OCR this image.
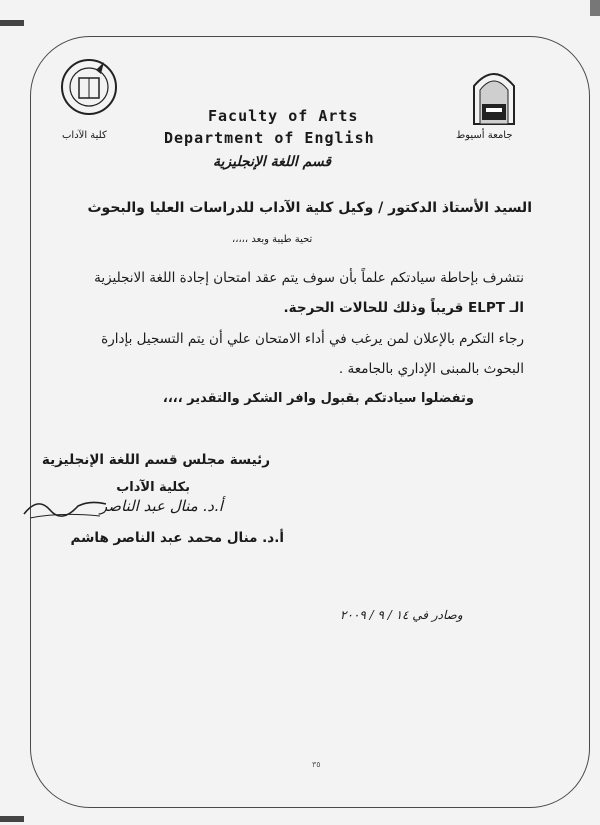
كلية الآداب	جامعة أسيوط
Faculty of Arts
Department of English
قسم اللغة الإنجليزية
السيد الأستاذ الدكتور / وكيل كلية الآداب للدراسات العليا والبحوث
تحية طيبة وبعد ،،،،،
نتشرف بإحاطة سيادتكم علماً بأن سوف يتم عقد امتحان إجادة اللغة الانجليزية
الـ ELPT قريباً وذلك للحالات الحرجة.
رجاء التكرم بالإعلان لمن يرغب في أداء الامتحان علي أن يتم التسجيل بإدارة
البحوث بالمبنى الإداري بالجامعة .
وتفضلوا سيادتكم بقبول وافر الشكر والتقدير ،،،،
رئيسة مجلس قسم اللغة الإنجليزية
بكلية الآداب
أ.د. منال عبد الناصر
أ.د. منال محمد عبد الناصر هاشم
وصادر في ١٤ / ٩ / ٢٠٠٩
٣٥
